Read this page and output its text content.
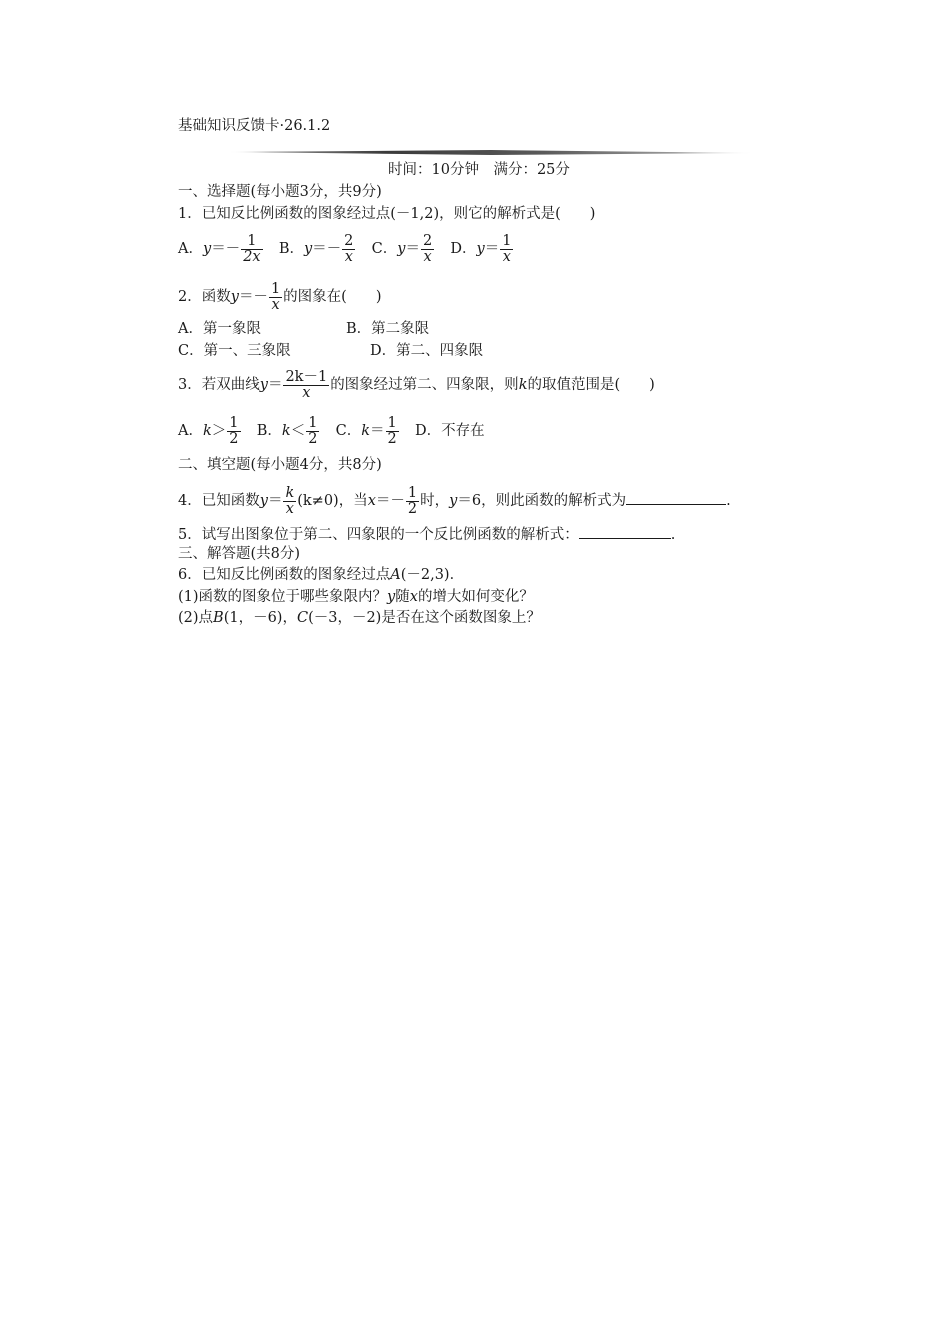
基础知识反馈卡·26.1.2
时间：10分钟　满分：25分
一、选择题(每小题3分，共9分)
1．已知反比例函数的图象经过点(－1,2)，则它的解析式是(　　)
A．$y=- \frac{1}{2x}$ B．$y=- \frac{2}{x}$ C．$y= \frac{2}{x}$ D．$y= \frac{1}{x}$
2．函数$y=- \frac{1}{x}$ 的图象在(　　)
A．第一象限	B．第二象限
C．第一、三象限	D．第二、四象限
3．若双曲线$y= \frac{2k-1}{x}$ 的图象经过第二、四象限，则k的取值范围是(　　)
A．$k> \frac{1}{2}$ B．$k< \frac{1}{2}$ C．$k= \frac{1}{2}$ D．不存在
二、填空题(每小题4分，共8分)
4．已知函数$y= \frac{k}{x} (k\ne 0)$，当$x=- \frac{1}{2}$ 时，y＝6，则此函数的解析式为	.
5．试写出图象位于第二、四象限的一个反比例函数的解析式：	.
三、解答题(共8分)
6．已知反比例函数的图象经过点A(－2,3)．
(1)函数的图象位于哪些象限内？y随x的增大如何变化？
(2)点B(1，－6)，C(－3，－2)是否在这个函数图象上？
